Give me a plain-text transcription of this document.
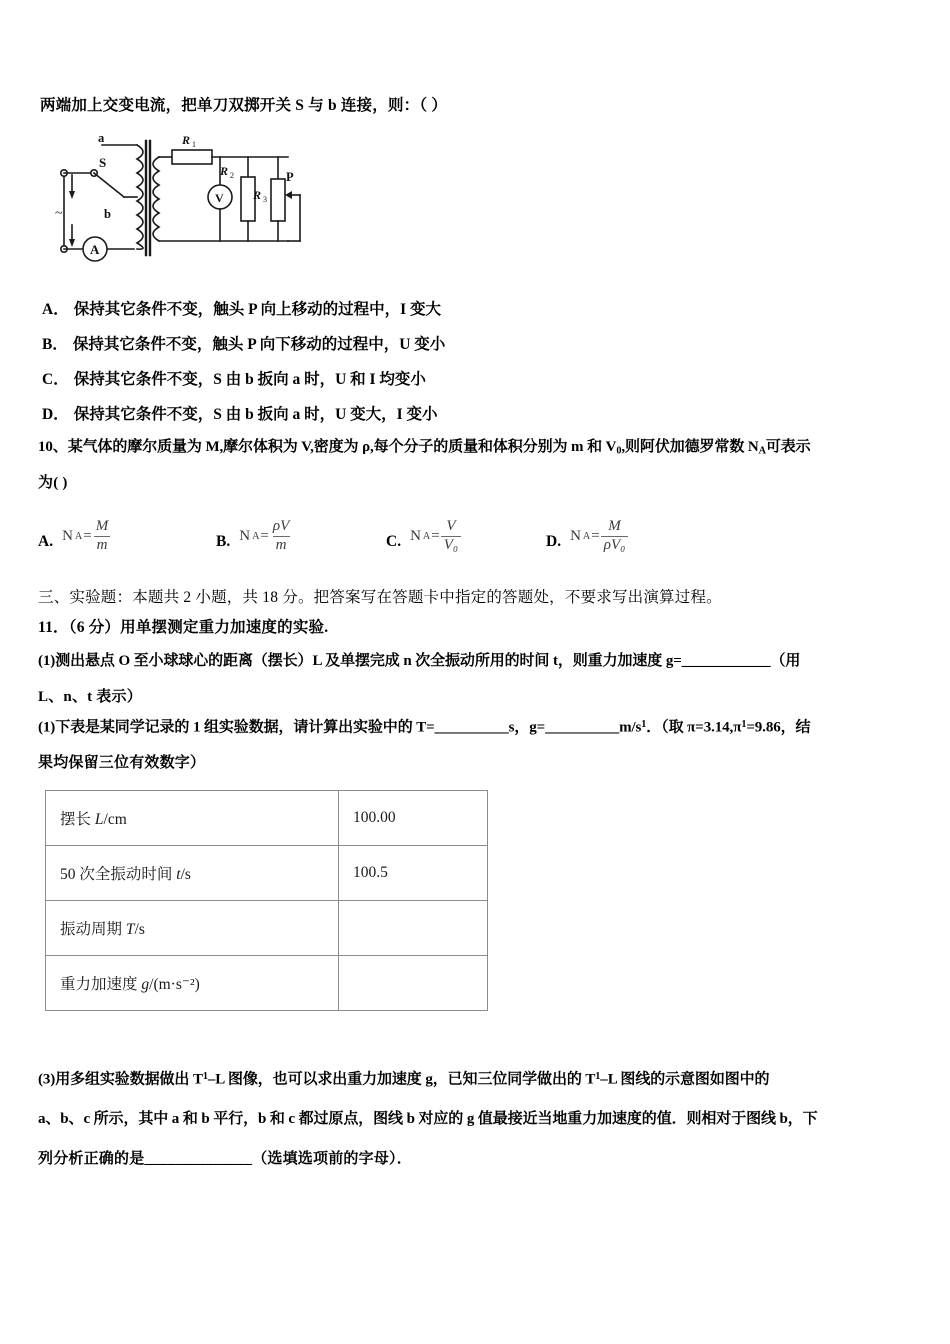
两端加上交变电流，把单刀双掷开关 S 与 b 连接，则：（ ）
a
b
S
~
A
V
R 1
R 2
R 3
P
A． 保持其它条件不变，触头 P 向上移动的过程中，I 变大
B． 保持其它条件不变，触头 P 向下移动的过程中，U 变小
C． 保持其它条件不变，S 由 b 扳向 a 时，U 和 I 均变小
D． 保持其它条件不变，S 由 b 扳向 a 时，U 变大，I 变小
10、某气体的摩尔质量为 M,摩尔体积为 V,密度为 ρ,每个分子的质量和体积分别为 m 和 $V_0$,则阿伏加德罗常数 $N_A$可表示
为( )
A. N $A = \frac{M}{m}$	B. N $A = \frac{\rho V}{m}$	C. N $A = \frac{V}{\text{V₀}}$	D. N $A = \frac{M}{\text{ρV₀}}$
三、实验题：本题共 2 小题，共 18 分。把答案写在答题卡中指定的答题处，不要求写出演算过程。
11．（6 分）用单摆测定重力加速度的实验.
(1)测出悬点 O 至小球球心的距离（摆长）L 及单摆完成 n 次全振动所用的时间 t，则重力加速度 g=____________（用
L、n、t 表示）
(1)下表是某同学记录的 1 组实验数据，请计算出实验中的 T=__________s，$g=\_\_\_\_\_\_\_\_\_\_m/s^1$．（取 $\pi=3.14,\pi^1=9.86$，结
果均保留三位有效数字）
摆长 L/cm	100.00
50 次全振动时间 t/s	100.5
振动周期 T/s	
重力加速度 g/(m·s⁻²)	
(3)用多组实验数据做出 $T^1-L$ 图像，也可以求出重力加速度 g，已知三位同学做出的 $T^1-L$ 图线的示意图如图中的
a、b、c 所示，其中 a 和 b 平行，b 和 c 都过原点，图线 b 对应的 g 值最接近当地重力加速度的值．则相对于图线 b，下
列分析正确的是______________（选填选项前的字母）．
